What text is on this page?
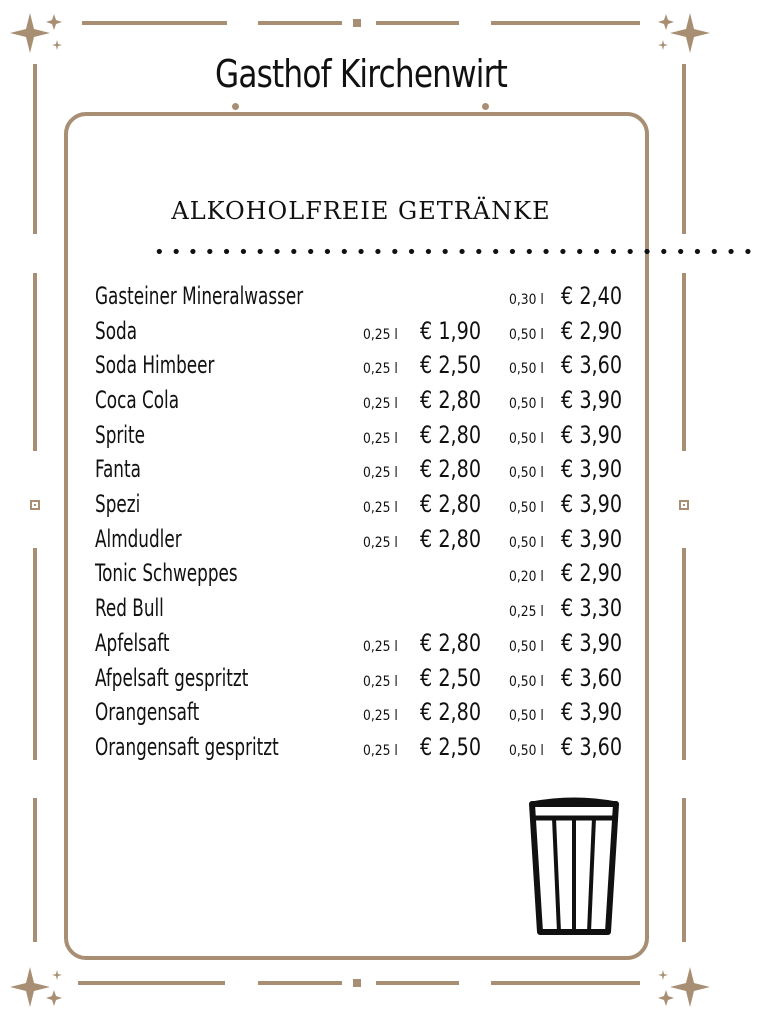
Gasthof Kirchenwirt
ALKOHOLFREIE GETRÄNKE
••••••••••••••••••••••••••••••••••••
Gasteiner Mineralwasser	0,30 l € 2,40
Soda	0,25 l € 1,90 0,50 l € 2,90
Soda Himbeer	0,25 l € 2,50 0,50 l € 3,60
Coca Cola	0,25 l € 2,80 0,50 l € 3,90
Sprite	0,25 l € 2,80 0,50 l € 3,90
Fanta	0,25 l € 2,80 0,50 l € 3,90
Spezi	0,25 l € 2,80 0,50 l € 3,90
Almdudler	0,25 l € 2,80 0,50 l € 3,90
Tonic Schweppes	0,20 l € 2,90
Red Bull	0,25 l € 3,30
Apfelsaft	0,25 l € 2,80 0,50 l € 3,90
Afpelsaft gespritzt	0,25 l € 2,50 0,50 l € 3,60
Orangensaft	0,25 l € 2,80 0,50 l € 3,90
Orangensaft gespritzt	0,25 l € 2,50 0,50 l € 3,60
